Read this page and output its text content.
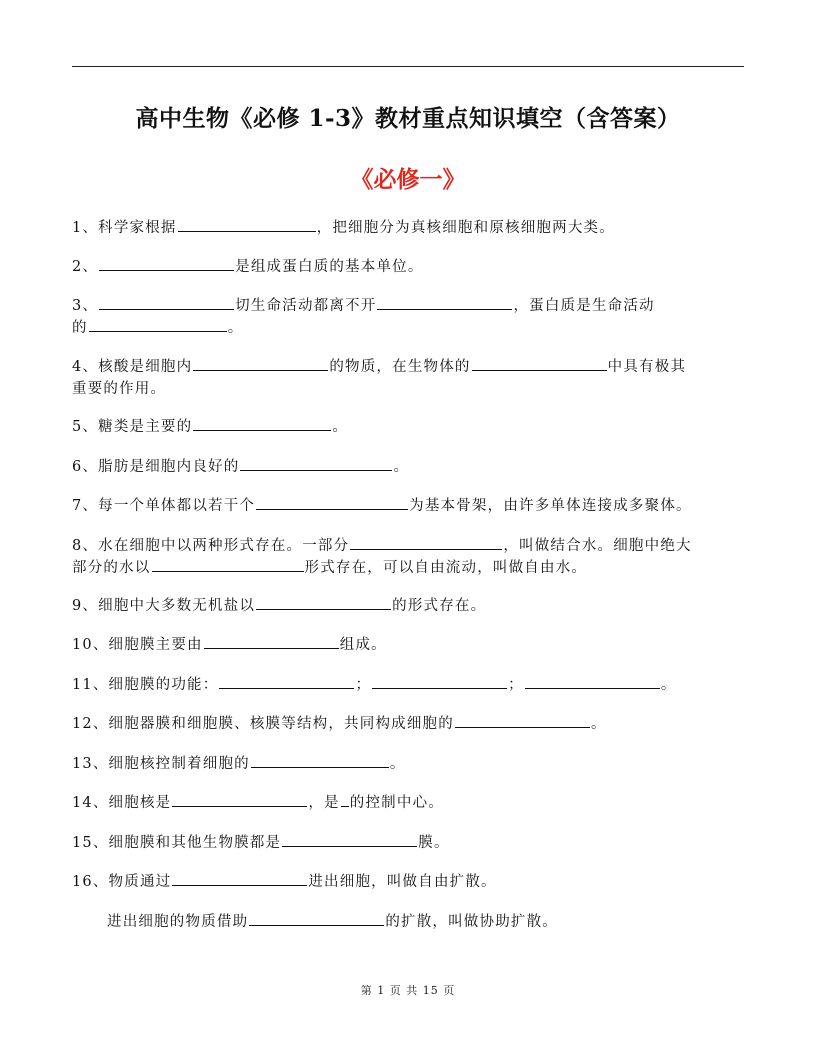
高中生物《必修 1-3》教材重点知识填空（含答案）
《必修一》
1、科学家根据	，把细胞分为真核细胞和原核细胞两大类。
2、	是组成蛋白质的基本单位。
3、	切生命活动都离不开	，蛋白质是生命活动
的	。
4、核酸是细胞内	的物质，在生物体的	中具有极其
重要的作用。
5、糖类是主要的	。
6、脂肪是细胞内良好的	。
7、每一个单体都以若干个	为基本骨架，由许多单体连接成多聚体。
8、水在细胞中以两种形式存在。一部分	，叫做结合水。细胞中绝大
部分的水以	形式存在，可以自由流动，叫做自由水。
9、细胞中大多数无机盐以	的形式存在。
10、细胞膜主要由	组成。
11、细胞膜的功能：	；	；	。
12、细胞器膜和细胞膜、核膜等结构，共同构成细胞的	。
13、细胞核控制着细胞的	。
14、细胞核是	，是 的控制中心。
15、细胞膜和其他生物膜都是	膜。
16、物质通过	进出细胞，叫做自由扩散。
进出细胞的物质借助	的扩散，叫做协助扩散。
第 1 页 共 15 页
